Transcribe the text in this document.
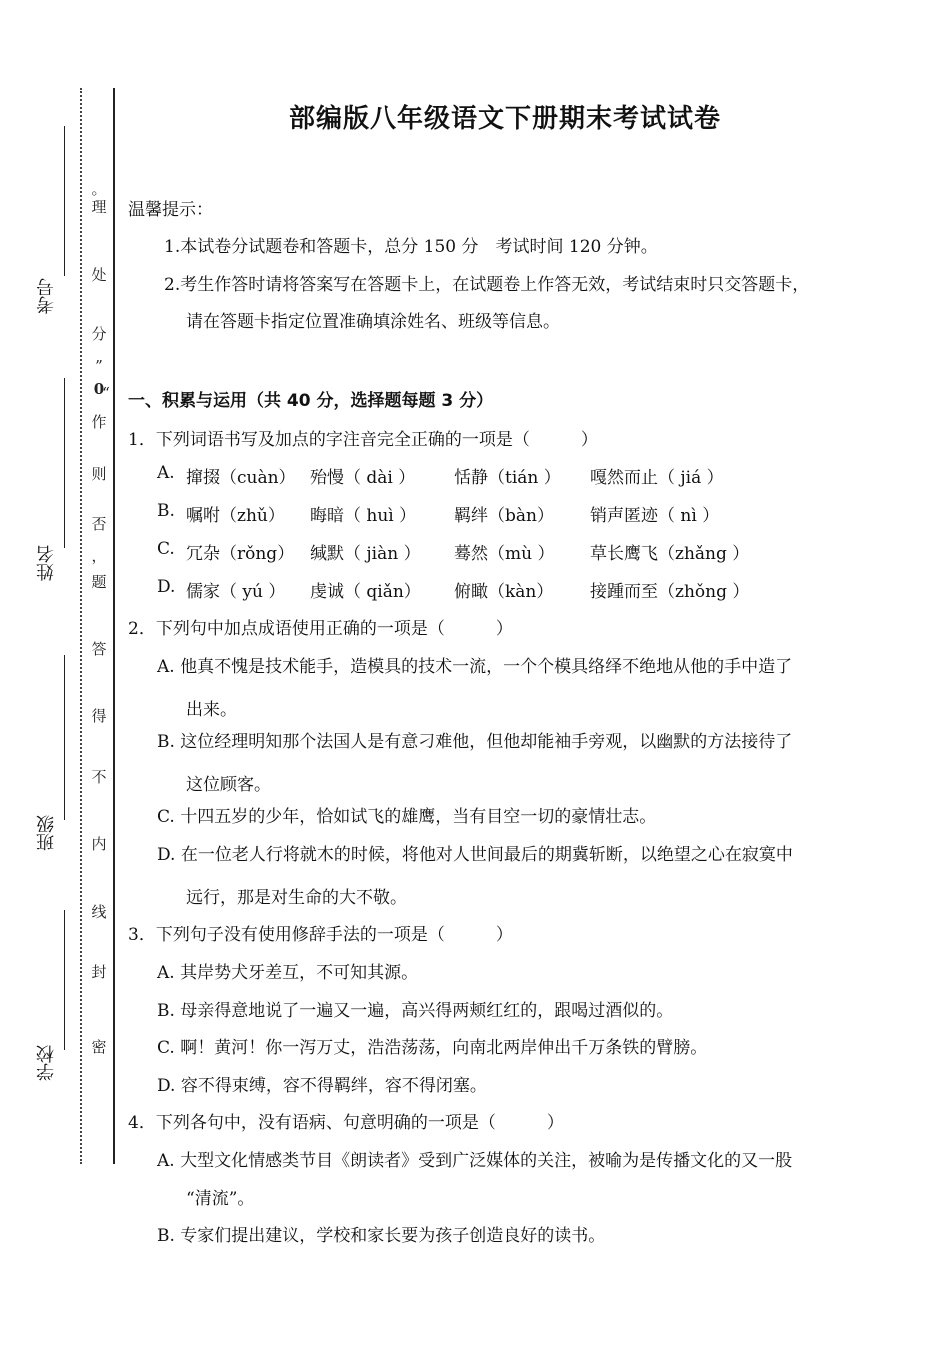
考号
姓名
班级
学校
。
理
处
分
”
0
“
作
则
否
，
题
答
得
不
内
线
封
密
部编版八年级语文下册期末考试试卷
温馨提示：
1.本试卷分试题卷和答题卡，总分 150 分　考试时间 120 分钟。
2.考生作答时请将答案写在答题卡上，在试题卷上作答无效，考试结束时只交答题卡，
请在答题卡指定位置准确填涂姓名、班级等信息。
一、积累与运用（共 40 分，选择题每题 3 分）
1．下列词语书写及加点的字注音完全正确的一项是（　　　）
A. 撺掇（cuàn） 殆慢（ dài ） 恬静（tián ） 嘎然而止（ jiá ）
B. 嘱咐（zhǔ） 晦暗（ huì ） 羁绊（bàn） 销声匿迹（ nì ）
C. 冗杂（rǒng） 缄默（ jiàn ） 蓦然（mù ） 草长鹰飞（zhǎng ）
D. 儒家（ yú ） 虔诚（ qiǎn） 俯瞰（kàn） 接踵而至（zhǒng ）
2．下列句中加点成语使用正确的一项是（　　　）
A. 他真不愧是技术能手，造模具的技术一流，一个个模具络绎不绝地从他的手中造了
出来。
B. 这位经理明知那个法国人是有意刁难他，但他却能袖手旁观，以幽默的方法接待了
这位顾客。
C. 十四五岁的少年，恰如试飞的雄鹰，当有目空一切的豪情壮志。
D. 在一位老人行将就木的时候，将他对人世间最后的期冀斩断，以绝望之心在寂寞中
远行，那是对生命的大不敬。
3．下列句子没有使用修辞手法的一项是（　　　）
A. 其岸势犬牙差互，不可知其源。
B. 母亲得意地说了一遍又一遍，高兴得两颊红红的，跟喝过酒似的。
C. 啊！黄河！你一泻万丈，浩浩荡荡，向南北两岸伸出千万条铁的臂膀。
D. 容不得束缚，容不得羁绊，容不得闭塞。
4．下列各句中，没有语病、句意明确的一项是（　　　）
A. 大型文化情感类节目《朗读者》受到广泛媒体的关注，被喻为是传播文化的又一股
“清流”。
B. 专家们提出建议，学校和家长要为孩子创造良好的读书。
